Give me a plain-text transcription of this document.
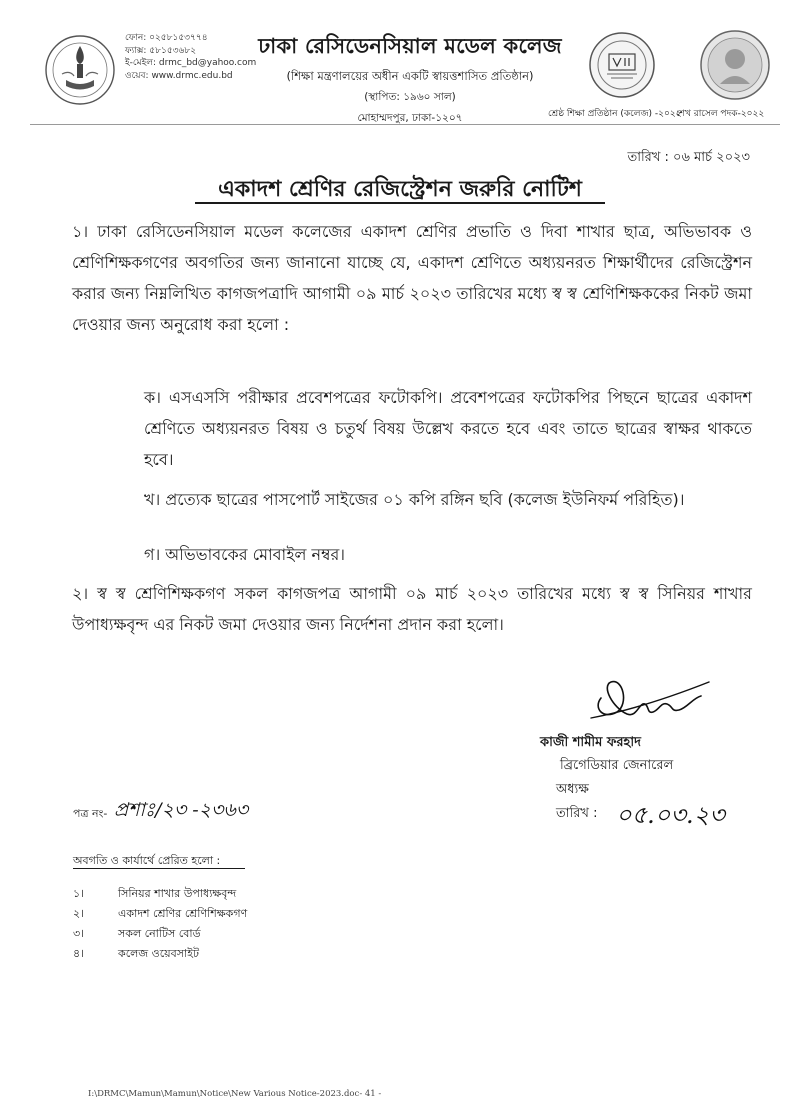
ফোন: ০২৫৮১৫৩৭৭৪
ফ্যাক্স: ৫৮১৫৩৬৮২
ই-মেইল: drmc_bd@yahoo.com
ওয়েব: www.drmc.edu.bd
ঢাকা রেসিডেনসিয়াল মডেল কলেজ
(শিক্ষা মন্ত্রণালয়ের অধীন একটি স্বায়ত্তশাসিত প্রতিষ্ঠান)
(স্থাপিত: ১৯৬০ সাল)
মোহাম্মদপুর, ঢাকা-১২০৭	শ্রেষ্ঠ শিক্ষা প্রতিষ্ঠান (কলেজ) -২০২২
শেখ রাসেল পদক-২০২২
তারিখ : ০৬ মার্চ ২০২৩
একাদশ শ্রেণির রেজিস্ট্রেশন জরুরি নোটিশ
১। ঢাকা রেসিডেনসিয়াল মডেল কলেজের একাদশ শ্রেণির প্রভাতি ও দিবা শাখার ছাত্র, অভিভাবক ও শ্রেণিশিক্ষকগণের অবগতির জন্য জানানো যাচ্ছে যে, একাদশ শ্রেণিতে অধ্যয়নরত শিক্ষার্থীদের রেজিস্ট্রেশন করার জন্য নিম্নলিখিত কাগজপত্রাদি আগামী ০৯ মার্চ ২০২৩ তারিখের মধ্যে স্ব স্ব শ্রেণিশিক্ষককের নিকট জমা দেওয়ার জন্য অনুরোধ করা হলো :
ক। এসএসসি পরীক্ষার প্রবেশপত্রের ফটোকপি। প্রবেশপত্রের ফটোকপির পিছনে ছাত্রের একাদশ শ্রেণিতে অধ্যয়নরত বিষয় ও চতুর্থ বিষয় উল্লেখ করতে হবে এবং তাতে ছাত্রের স্বাক্ষর থাকতে হবে।
খ। প্রত্যেক ছাত্রের পাসপোর্ট সাইজের ০১ কপি রঙ্গিন ছবি (কলেজ ইউনিফর্ম পরিহিত)।
গ। অভিভাবকের মোবাইল নম্বর।
২। স্ব স্ব শ্রেণিশিক্ষকগণ সকল কাগজপত্র আগামী ০৯ মার্চ ২০২৩ তারিখের মধ্যে স্ব স্ব সিনিয়র শাখার উপাধ্যক্ষবৃন্দ এর নিকট জমা দেওয়ার জন্য নির্দেশনা প্রদান করা হলো।
কাজী শামীম ফরহাদ
ব্রিগেডিয়ার জেনারেল
অধ্যক্ষ
তারিখ : ০৫.০৩.২৩
পত্র নং- প্রশাঃ/২৩ -২৩৬৩
অবগতি ও কার্যার্থে প্রেরিত হলো :
১।	সিনিয়র শাখার উপাধ্যক্ষবৃন্দ
২।	একাদশ শ্রেণির শ্রেণিশিক্ষকগণ
৩।	সকল নোটিস বোর্ড
৪।	কলেজ ওয়েবসাইট
I:\DRMC\Mamun\Mamun\Notice\New Various Notice-2023.doc- 41 -
